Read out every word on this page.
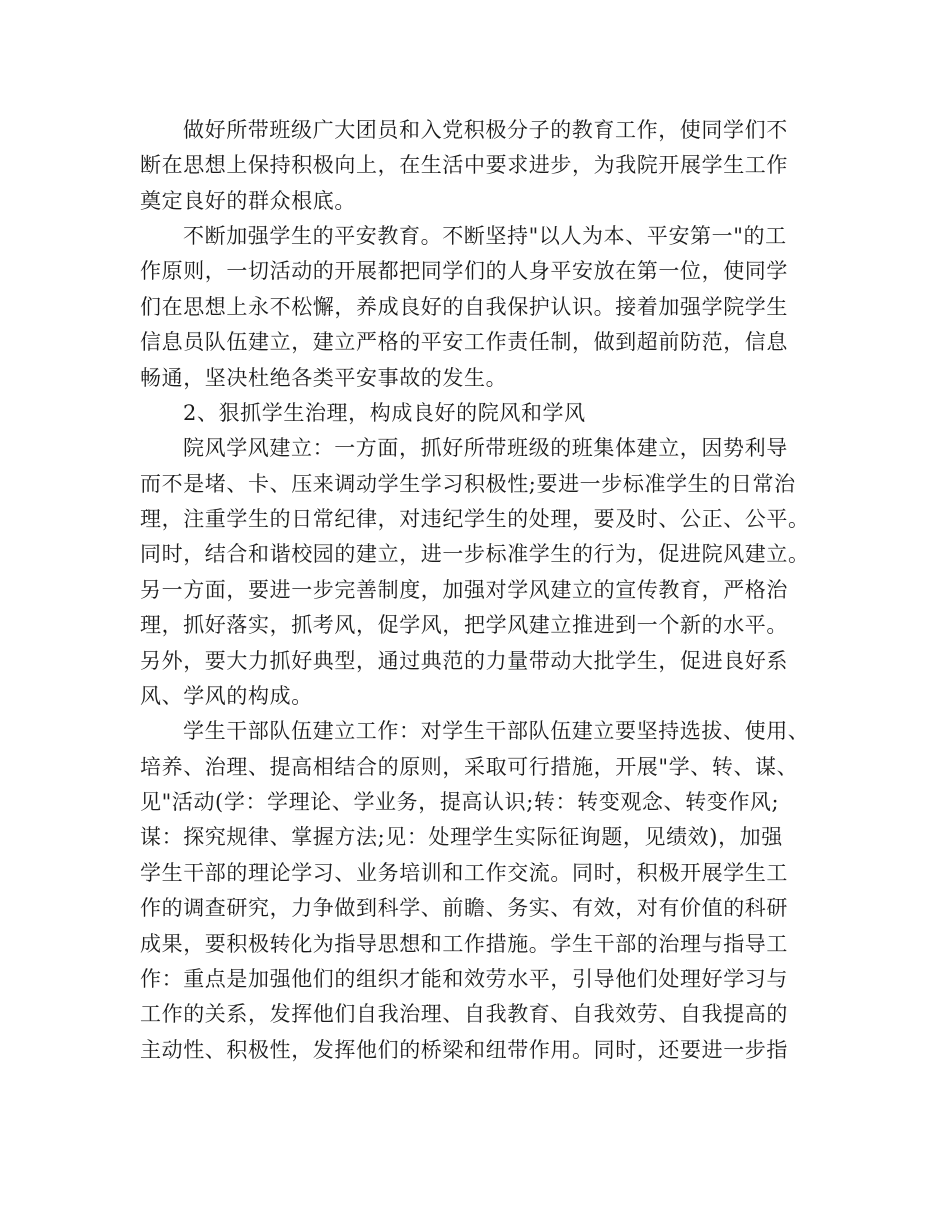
做好所带班级广大团员和入党积极分子的教育工作，使同学们不
断在思想上保持积极向上，在生活中要求进步，为我院开展学生工作
奠定良好的群众根底。
不断加强学生的平安教育。不断坚持"以人为本、平安第一"的工
作原则，一切活动的开展都把同学们的人身平安放在第一位，使同学
们在思想上永不松懈，养成良好的自我保护认识。接着加强学院学生
信息员队伍建立，建立严格的平安工作责任制，做到超前防范，信息
畅通，坚决杜绝各类平安事故的发生。
2、狠抓学生治理，构成良好的院风和学风
院风学风建立：一方面，抓好所带班级的班集体建立，因势利导
而不是堵、卡、压来调动学生学习积极性;要进一步标准学生的日常治
理，注重学生的日常纪律，对违纪学生的处理，要及时、公正、公平。
同时，结合和谐校园的建立，进一步标准学生的行为，促进院风建立。
另一方面，要进一步完善制度，加强对学风建立的宣传教育，严格治
理，抓好落实，抓考风，促学风，把学风建立推进到一个新的水平。
另外，要大力抓好典型，通过典范的力量带动大批学生，促进良好系
风、学风的构成。
学生干部队伍建立工作：对学生干部队伍建立要坚持选拔、使用、
培养、治理、提高相结合的原则，采取可行措施，开展"学、转、谋、
见"活动(学：学理论、学业务，提高认识;转：转变观念、转变作风;
谋：探究规律、掌握方法;见：处理学生实际征询题，见绩效)，加强
学生干部的理论学习、业务培训和工作交流。同时，积极开展学生工
作的调查研究，力争做到科学、前瞻、务实、有效，对有价值的科研
成果，要积极转化为指导思想和工作措施。学生干部的治理与指导工
作：重点是加强他们的组织才能和效劳水平，引导他们处理好学习与
工作的关系，发挥他们自我治理、自我教育、自我效劳、自我提高的
主动性、积极性，发挥他们的桥梁和纽带作用。同时，还要进一步指
